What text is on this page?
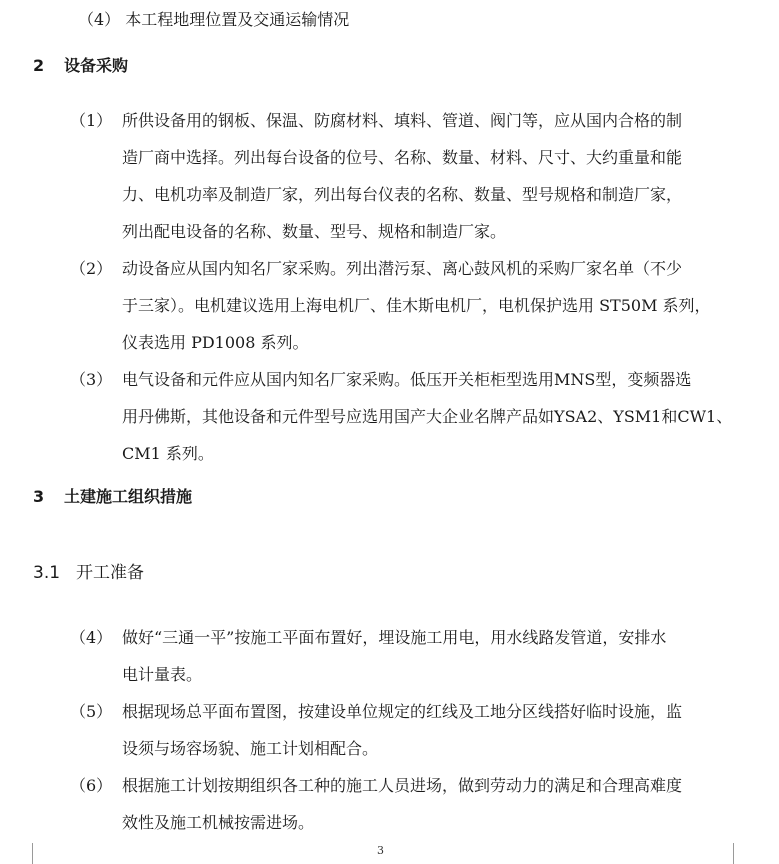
（4） 本工程地理位置及交通运输情况
2 设备采购
（1） 所供设备用的钢板、保温、防腐材料、填料、管道、阀门等，应从国内合格的制
造厂商中选择。列出每台设备的位号、名称、数量、材料、尺寸、大约重量和能
力、电机功率及制造厂家，列出每台仪表的名称、数量、型号规格和制造厂家，
列出配电设备的名称、数量、型号、规格和制造厂家。
（2） 动设备应从国内知名厂家采购。列出潜污泵、离心鼓风机的采购厂家名单（不少
于三家）。电机建议选用上海电机厂、佳木斯电机厂，电机保护选用 ST50M 系列，
仪表选用 PD1008 系列。
（3） 电气设备和元件应从国内知名厂家采购。低压开关柜柜型选用MNS型，变频器选
用丹佛斯，其他设备和元件型号应选用国产大企业名牌产品如YSA2、YSM1和CW1、
CM1 系列。
3 土建施工组织措施
3.1 开工准备
（4） 做好“三通一平”按施工平面布置好，埋设施工用电，用水线路发管道，安排水
电计量表。
（5） 根据现场总平面布置图，按建设单位规定的红线及工地分区线搭好临时设施，监
设须与场容场貌、施工计划相配合。
（6） 根据施工计划按期组织各工种的施工人员进场，做到劳动力的满足和合理高难度
效性及施工机械按需进场。
3
